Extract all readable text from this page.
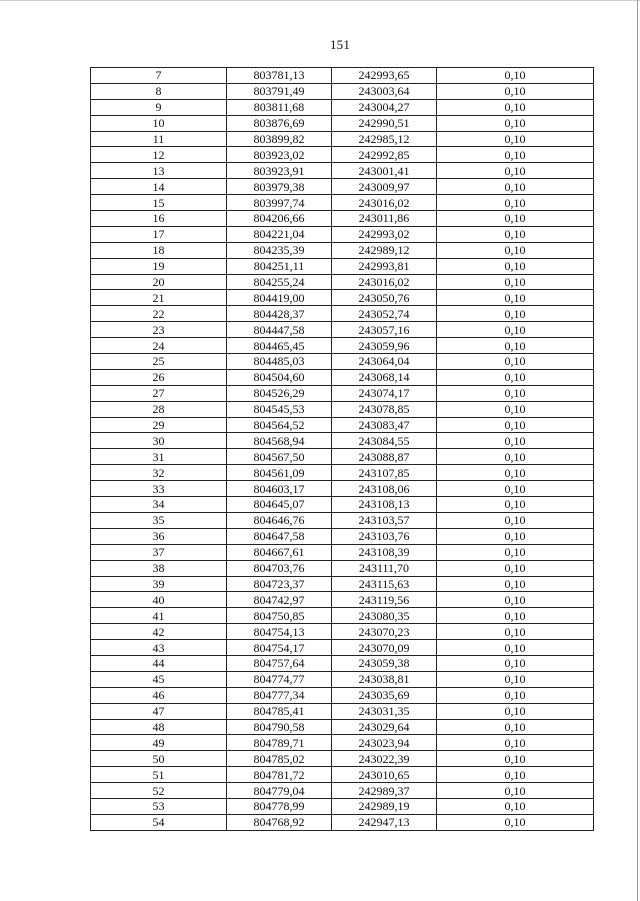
151
7	803781,13	242993,65	0,10
8	803791,49	243003,64	0,10
9	803811,68	243004,27	0,10
10	803876,69	242990,51	0,10
11	803899,82	242985,12	0,10
12	803923,02	242992,85	0,10
13	803923,91	243001,41	0,10
14	803979,38	243009,97	0,10
15	803997,74	243016,02	0,10
16	804206,66	243011,86	0,10
17	804221,04	242993,02	0,10
18	804235,39	242989,12	0,10
19	804251,11	242993,81	0,10
20	804255,24	243016,02	0,10
21	804419,00	243050,76	0,10
22	804428,37	243052,74	0,10
23	804447,58	243057,16	0,10
24	804465,45	243059,96	0,10
25	804485,03	243064,04	0,10
26	804504,60	243068,14	0,10
27	804526,29	243074,17	0,10
28	804545,53	243078,85	0,10
29	804564,52	243083,47	0,10
30	804568,94	243084,55	0,10
31	804567,50	243088,87	0,10
32	804561,09	243107,85	0,10
33	804603,17	243108,06	0,10
34	804645,07	243108,13	0,10
35	804646,76	243103,57	0,10
36	804647,58	243103,76	0,10
37	804667,61	243108,39	0,10
38	804703,76	243111,70	0,10
39	804723,37	243115,63	0,10
40	804742,97	243119,56	0,10
41	804750,85	243080,35	0,10
42	804754,13	243070,23	0,10
43	804754,17	243070,09	0,10
44	804757,64	243059,38	0,10
45	804774,77	243038,81	0,10
46	804777,34	243035,69	0,10
47	804785,41	243031,35	0,10
48	804790,58	243029,64	0,10
49	804789,71	243023,94	0,10
50	804785,02	243022,39	0,10
51	804781,72	243010,65	0,10
52	804779,04	242989,37	0,10
53	804778,99	242989,19	0,10
54	804768,92	242947,13	0,10
